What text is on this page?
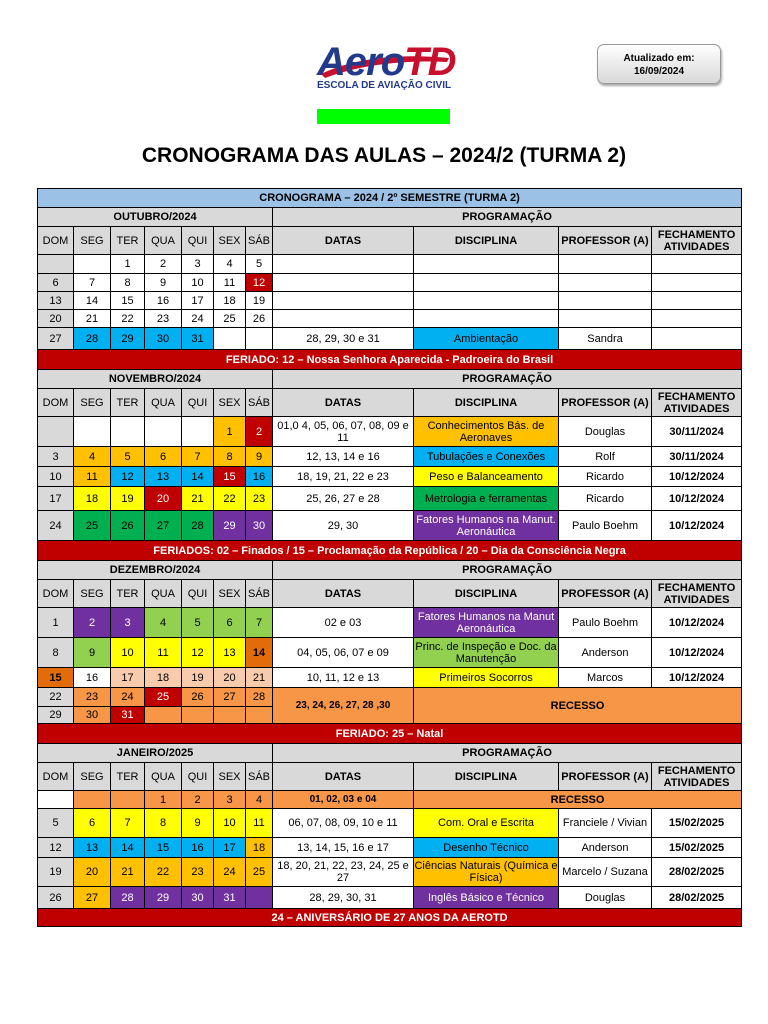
AeroTD
ESCOLA DE AVIAÇÃO CIVIL
Atualizado em:
16/09/2024
CRONOGRAMA DAS AULAS – 2024/2 (TURMA 2)
CRONOGRAMA – 2024 / 2º SEMESTRE (TURMA 2)										
OUTUBRO/2024							PROGRAMAÇÃO			
DOM	SEG	TER	QUA	QUI	SEX	SÁB	DATAS	DISCIPLINA	PROFESSOR (A)	FECHAMENTO
ATIVIDADES

		1	2	3	4	5				
6	7	8	9	10	11	12				
13	14	15	16	17	18	19				
20	21	22	23	24	25	26				
27	28	29	30	31			28, 29, 30 e 31	Ambientação	Sandra	
FERIADO: 12 – Nossa Senhora Aparecida - Padroeira do Brasil										
NOVEMBRO/2024							PROGRAMAÇÃO			
DOM	SEG	TER	QUA	QUI	SEX	SÁB	DATAS	DISCIPLINA	PROFESSOR (A)	FECHAMENTO
ATIVIDADES

					1	2	01,0 4, 05, 06, 07, 08, 09 e 11	Conhecimentos Bás. de Aeronaves	Douglas	30/11/2024
3	4	5	6	7	8	9	12, 13, 14 e 16	Tubulações e Conexões	Rolf	30/11/2024
10	11	12	13	14	15	16	18, 19, 21, 22 e 23	Peso e Balanceamento	Ricardo	10/12/2024
17	18	19	20	21	22	23	25, 26, 27 e 28	Metrologia e ferramentas	Ricardo	10/12/2024
24	25	26	27	28	29	30	29, 30	Fatores Humanos na Manut. Aeronáutica	Paulo Boehm	10/12/2024
FERIADOS: 02 – Finados / 15 – Proclamação da República / 20 – Dia da Consciência Negra										
DEZEMBRO/2024							PROGRAMAÇÃO			
DOM	SEG	TER	QUA	QUI	SEX	SÁB	DATAS	DISCIPLINA	PROFESSOR (A)	FECHAMENTO
ATIVIDADES

1	2	3	4	5	6	7	02 e 03	Fatores Humanos na Manut Aeronáutica	Paulo Boehm	10/12/2024
8	9	10	11	12	13	14	04, 05, 06, 07 e 09	Princ. de Inspeção e Doc. da Manutenção	Anderson	10/12/2024
15	16	17	18	19	20	21	10, 11, 12 e 13	Primeiros Socorros	Marcos	10/12/2024
22	23	24	25	26	27	28	23, 24, 26, 27, 28 ,30	RECESSO		
29	30	31								
FERIADO: 25 – Natal										
JANEIRO/2025							PROGRAMAÇÃO			
DOM	SEG	TER	QUA	QUI	SEX	SÁB	DATAS	DISCIPLINA	PROFESSOR (A)	FECHAMENTO
ATIVIDADES

			1	2	3	4	01, 02, 03 e 04	RECESSO		
5	6	7	8	9	10	11	06, 07, 08, 09, 10 e 11	Com. Oral e Escrita	Franciele / Vivian	15/02/2025
12	13	14	15	16	17	18	13, 14, 15, 16 e 17	Desenho Técnico	Anderson	15/02/2025
19	20	21	22	23	24	25	18, 20, 21, 22, 23, 24, 25 e 27	Ciências Naturais (Química e Física)	Marcelo / Suzana	28/02/2025
26	27	28	29	30	31		28, 29, 30, 31	Inglês Básico e Técnico	Douglas	28/02/2025
24 – ANIVERSÁRIO DE 27 ANOS DA AEROTD										
